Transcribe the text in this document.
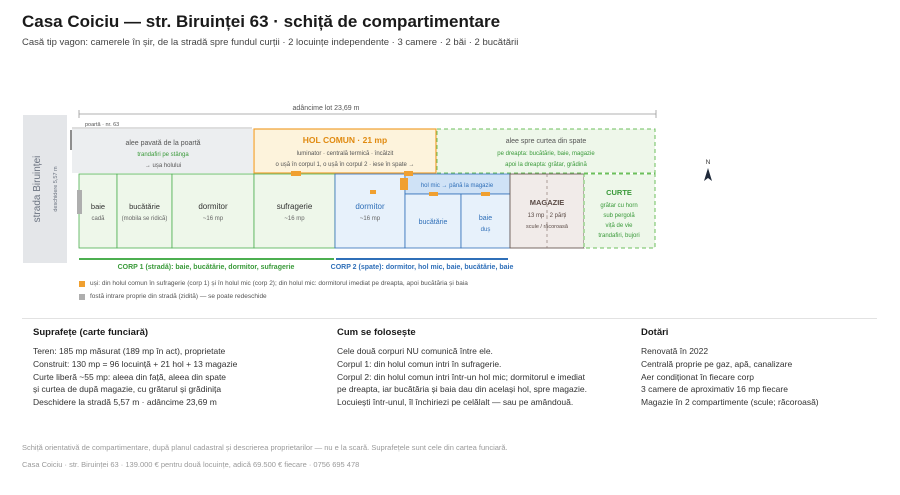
Casa Coiciu — str. Biruinței 63 · schiță de compartimentare
Casă tip vagon: camerele în șir, de la stradă spre fundul curții · 2 locuințe independente · 3 camere · 2 băi · 2 bucătării
adâncime lot 23,69 m
strada Biruinței deschidere 5,57 m
poartă · nr. 63
alee pavată de la poartă
trandafiri pe stânga
→ ușa holului
HOL COMUN · 21 mp
luminator · centrală termică · încălzit
o ușă în corpul 1, o ușă în corpul 2 · iese în spate →
alee spre curtea din spate
pe dreapta: bucătărie, baie, magazie
apoi la dreapta: grătar, grădină
baie
cadă
bucătărie
(mobila se ridică)
dormitor
~16 mp
sufragerie
~16 mp
dormitor
~16 mp
hol mic → până la magazie
bucătărie
baie
duș
MAGAZIE
13 mp · 2 părți
scule / răcoroasă
CURTE
grătar cu horn
sub pergolă
viță de vie
trandafiri, bujori
CORP 1 (stradă): baie, bucătărie, dormitor, sufragerie	CORP 2 (spate): dormitor, hol mic, baie, bucătărie, baie
N
uși: din holul comun în sufragerie (corp 1) și în holul mic (corp 2); din holul mic: dormitorul imediat pe dreapta, apoi bucătăria și baia
fostă intrare proprie din stradă (zidită) — se poate redeschide
Suprafețe (carte funciară)
Teren: 185 mp măsurat (189 mp în act), proprietate
Construit: 130 mp = 96 locuință + 21 hol + 13 magazie
Curte liberă ~55 mp: aleea din față, aleea din spate
și curtea de după magazie, cu grătarul și grădinița
Deschidere la stradă 5,57 m · adâncime 23,69 m
Cum se folosește
Cele două corpuri NU comunică între ele.
Corpul 1: din holul comun intri în sufragerie.
Corpul 2: din holul comun intri într-un hol mic; dormitorul e imediat
pe dreapta, iar bucătăria și baia dau din același hol, spre magazie.
Locuiești într-unul, îl închiriezi pe celălalt — sau pe amândouă.
Dotări
Renovată în 2022
Centrală proprie pe gaz, apă, canalizare
Aer condiționat în fiecare corp
3 camere de aproximativ 16 mp fiecare
Magazie în 2 compartimente (scule; răcoroasă)
Schiță orientativă de compartimentare, după planul cadastral și descrierea proprietarilor — nu e la scară. Suprafețele sunt cele din cartea funciară.
Casa Coiciu · str. Biruinței 63 · 139.000 € pentru două locuințe, adică 69.500 € fiecare · 0756 695 478
